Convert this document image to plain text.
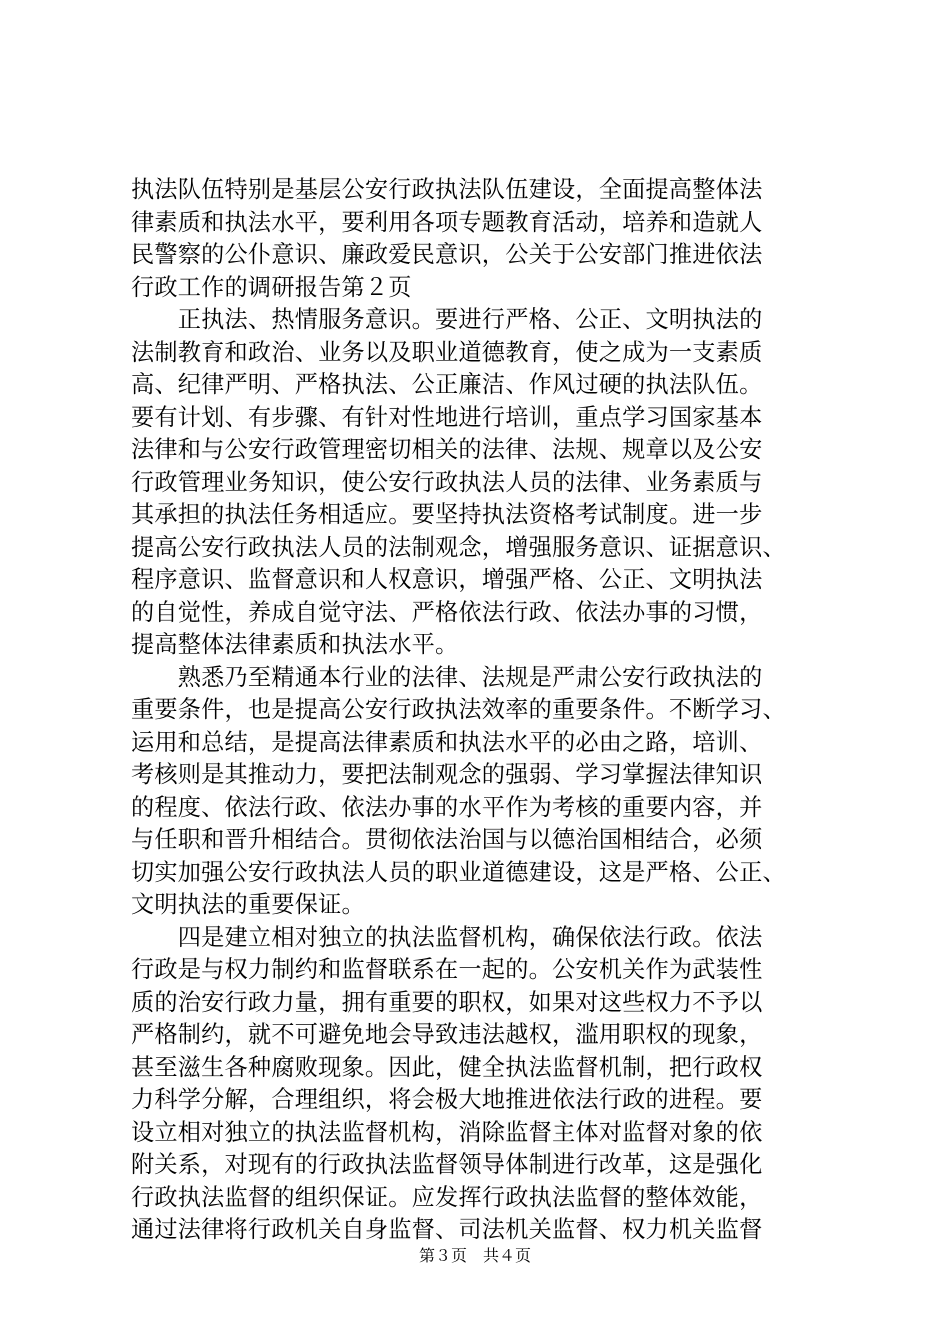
执法队伍特别是基层公安行政执法队伍建设，全面提高整体法
律素质和执法水平，要利用各项专题教育活动，培养和造就人
民警察的公仆意识、廉政爱民意识，公关于公安部门推进依法
行政工作的调研报告第２页
　　正执法、热情服务意识。要进行严格、公正、文明执法的
法制教育和政治、业务以及职业道德教育，使之成为一支素质
高、纪律严明、严格执法、公正廉洁、作风过硬的执法队伍。
要有计划、有步骤、有针对性地进行培训，重点学习国家基本
法律和与公安行政管理密切相关的法律、法规、规章以及公安
行政管理业务知识，使公安行政执法人员的法律、业务素质与
其承担的执法任务相适应。要坚持执法资格考试制度。进一步
提高公安行政执法人员的法制观念，增强服务意识、证据意识、
程序意识、监督意识和人权意识，增强严格、公正、文明执法
的自觉性，养成自觉守法、严格依法行政、依法办事的习惯，
提高整体法律素质和执法水平。
　　熟悉乃至精通本行业的法律、法规是严肃公安行政执法的
重要条件，也是提高公安行政执法效率的重要条件。不断学习、
运用和总结，是提高法律素质和执法水平的必由之路，培训、
考核则是其推动力，要把法制观念的强弱、学习掌握法律知识
的程度、依法行政、依法办事的水平作为考核的重要内容，并
与任职和晋升相结合。贯彻依法治国与以德治国相结合，必须
切实加强公安行政执法人员的职业道德建设，这是严格、公正、
文明执法的重要保证。
　　四是建立相对独立的执法监督机构，确保依法行政。依法
行政是与权力制约和监督联系在一起的。公安机关作为武装性
质的治安行政力量，拥有重要的职权，如果对这些权力不予以
严格制约，就不可避免地会导致违法越权，滥用职权的现象，
甚至滋生各种腐败现象。因此，健全执法监督机制，把行政权
力科学分解，合理组织，将会极大地推进依法行政的进程。要
设立相对独立的执法监督机构，消除监督主体对监督对象的依
附关系，对现有的行政执法监督领导体制进行改革，这是强化
行政执法监督的组织保证。应发挥行政执法监督的整体效能，
通过法律将行政机关自身监督、司法机关监督、权力机关监督
第３页　共４页
